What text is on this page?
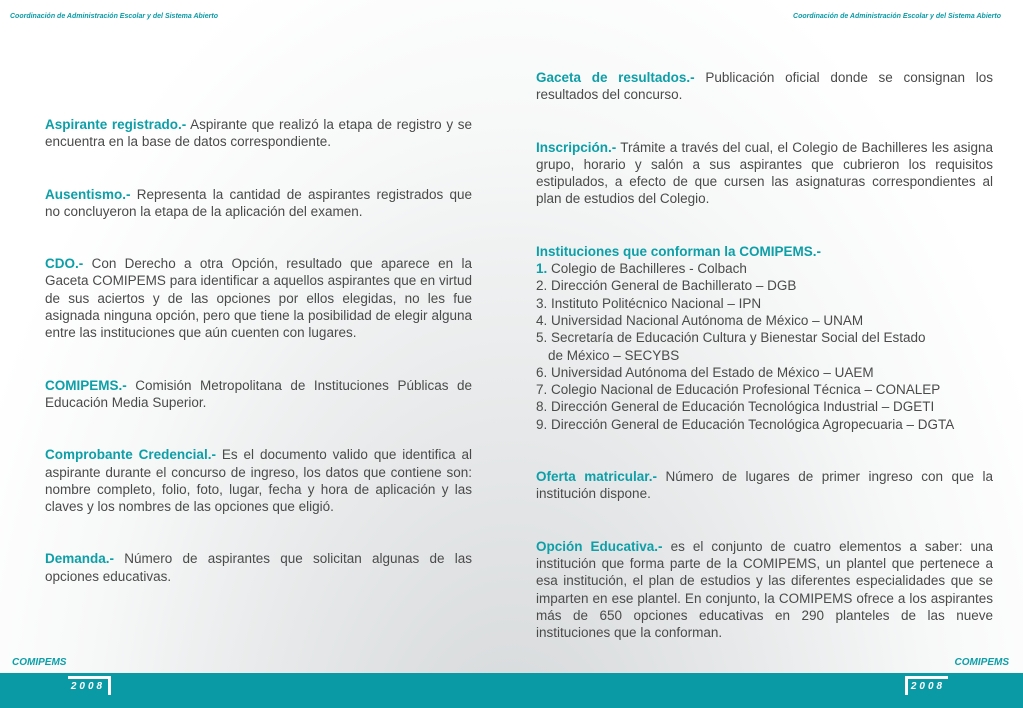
Coordinación de Administración Escolar y del Sistema Abierto	Coordinación de Administración Escolar y del Sistema Abierto

Aspirante registrado.- Aspirante que realizó la etapa de registro y se encuentra en la base de datos correspondiente.

Ausentismo.- Representa la cantidad de aspirantes registrados que no concluyeron la etapa de la aplicación del examen.

CDO.- Con Derecho a otra Opción, resultado que aparece en la Gaceta COMIPEMS para identificar a aquellos aspirantes que en virtud de sus aciertos y de las opciones por ellos elegidas, no les fue asignada ninguna opción, pero que tiene la posibilidad de elegir alguna entre las instituciones que aún cuenten con lugares.

COMIPEMS.- Comisión Metropolitana de Instituciones Públicas de Educación Media Superior.

Comprobante Credencial.- Es el documento valido que identifica al aspirante durante el concurso de ingreso, los datos que contiene son: nombre completo, folio, foto, lugar, fecha y hora de aplicación y las claves y los nombres de las opciones que eligió.

Demanda.- Número de aspirantes que solicitan algunas de las opciones educativas.

Gaceta de resultados.- Publicación oficial donde se consignan los resultados del concurso.

Inscripción.- Trámite a través del cual, el Colegio de Bachilleres les asigna grupo, horario y salón a sus aspirantes que cubrieron los requisitos estipulados, a efecto de que cursen las asignaturas correspondientes al plan de estudios del Colegio.

Instituciones que conforman la COMIPEMS.-
1. Colegio de Bachilleres - Colbach
2. Dirección General de Bachillerato – DGB
3. Instituto Politécnico Nacional – IPN
4. Universidad Nacional Autónoma de México – UNAM
5. Secretaría de Educación Cultura y Bienestar Social del Estado
de México – SECYBS
6. Universidad Autónoma del Estado de México – UAEM
7. Colegio Nacional de Educación Profesional Técnica – CONALEP
8. Dirección General de Educación Tecnológica Industrial – DGETI
9. Dirección General de Educación Tecnológica Agropecuaria – DGTA

Oferta matricular.- Número de lugares de primer ingreso con que la institución dispone.

Opción Educativa.- es el conjunto de cuatro elementos a saber: una institución que forma parte de la COMIPEMS, un plantel que pertenece a esa institución, el plan de estudios y las diferentes especialidades que se imparten en ese plantel. En conjunto, la COMIPEMS ofrece a los aspirantes más de 650 opciones educativas en 290 planteles de las nueve instituciones que la conforman.

COMIPEMS	COMIPEMS
2008	2008
